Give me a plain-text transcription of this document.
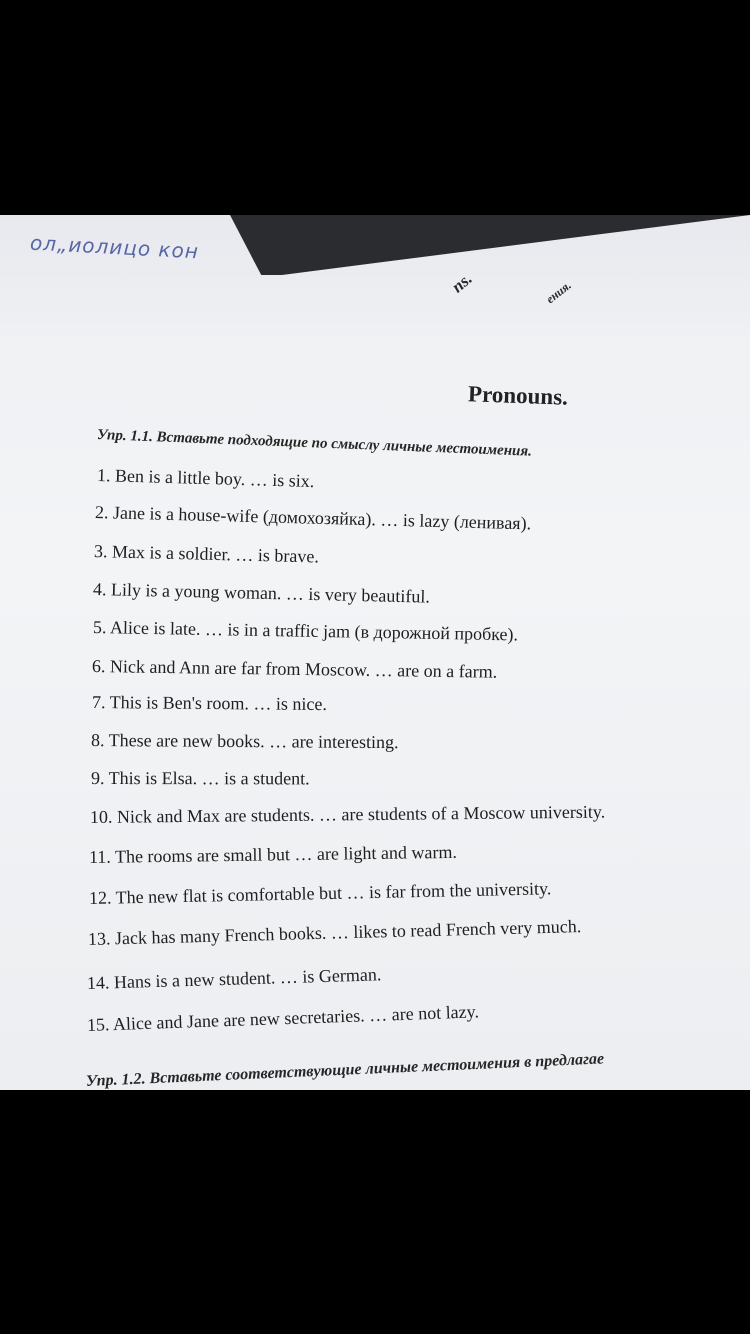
ол„иолицо кон
ns.	ения.
Pronouns.
Упр. 1.1. Вставьте подходящие по смыслу личные местоимения.
1. Ben is a little boy. … is six.
2. Jane is a house-wife (домохозяйка). … is lazy (ленивая).
3. Max is a soldier. … is brave.
4. Lily is a young woman. … is very beautiful.
5. Alice is late. … is in a traffic jam (в дорожной пробке).
6. Nick and Ann are far from Moscow. … are on a farm.
7. This is Ben's room. … is nice.
8. These are new books. … are interesting.
9. This is Elsa. … is a student.
10. Nick and Max are students. … are students of a Moscow university.
11. The rooms are small but … are light and warm.
12. The new flat is comfortable but … is far from the university.
13. Jack has many French books. … likes to read French very much.
14. Hans is a new student. … is German.
15. Alice and Jane are new secretaries. … are not lazy.
Упр. 1.2. Вставьте соответствующие личные местоимения в предлагае
